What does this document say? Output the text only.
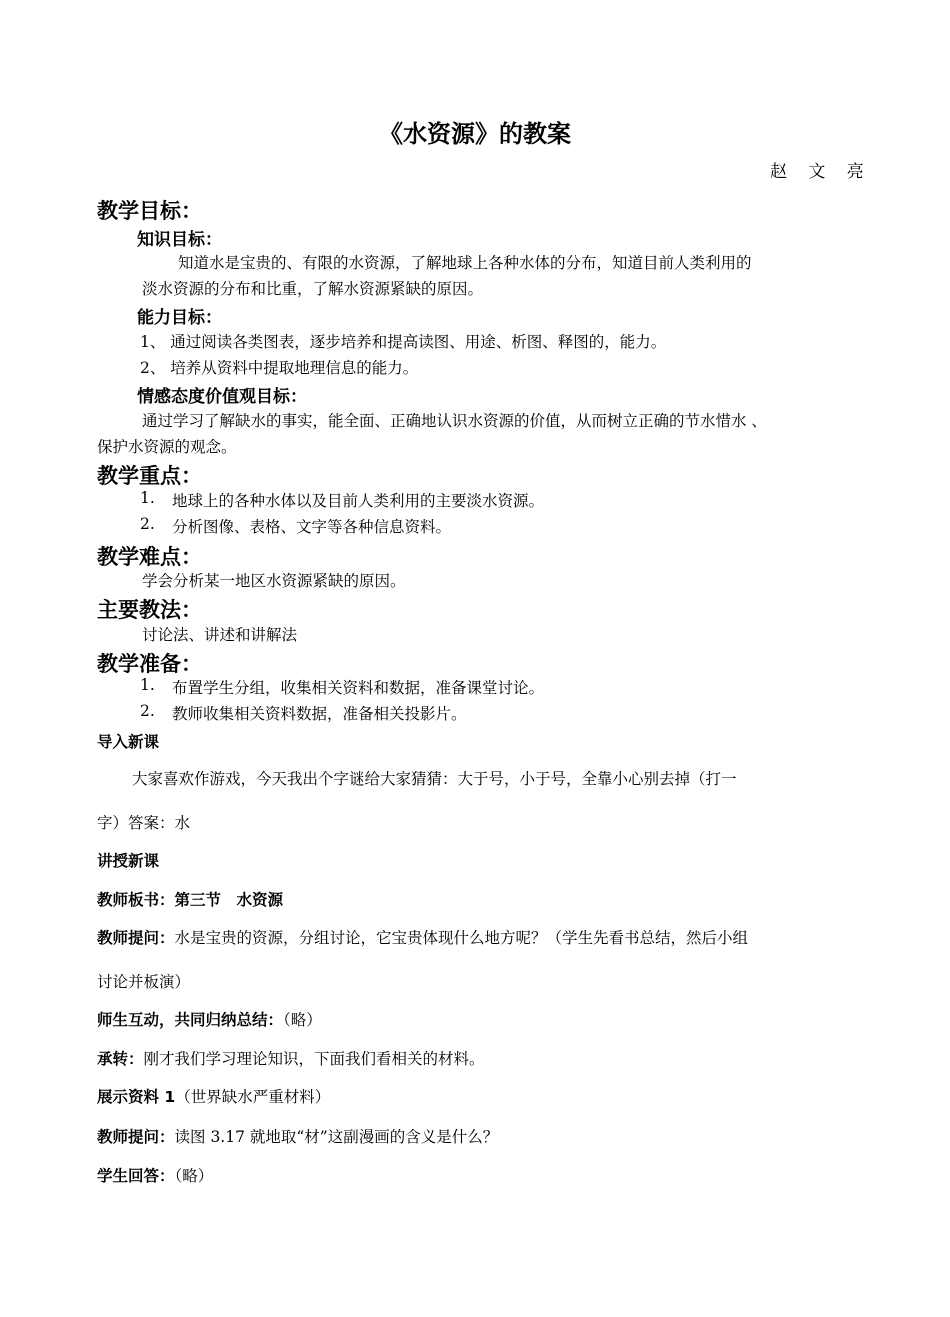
《水资源》的教案
赵 文 亮
教学目标：
知识目标：
知道水是宝贵的、有限的水资源，了解地球上各种水体的分布，知道目前人类利用的
淡水资源的分布和比重，了解水资源紧缺的原因。
能力目标：
1、 通过阅读各类图表，逐步培养和提高读图、用途、析图、释图的，能力。
2、 培养从资料中提取地理信息的能力。
情感态度价值观目标：
通过学习了解缺水的事实，能全面、正确地认识水资源的价值，从而树立正确的节水惜水 、
保护水资源的观念。
教学重点：
1. 地球上的各种水体以及目前人类利用的主要淡水资源。
2. 分析图像、表格、文字等各种信息资料。
教学难点：
学会分析某一地区水资源紧缺的原因。
主要教法：
讨论法、讲述和讲解法
教学准备：
1. 布置学生分组，收集相关资料和数据，准备课堂讨论。
2. 教师收集相关资料数据，准备相关投影片。
导入新课
大家喜欢作游戏，今天我出个字谜给大家猜猜：大于号，小于号，全靠小心别去掉（打一
字）答案：水
讲授新课
教师板书：第三节　水资源
教师提问：水是宝贵的资源，分组讨论，它宝贵体现什么地方呢？（学生先看书总结，然后小组
讨论并板演）
师生互动，共同归纳总结：（略）
承转：刚才我们学习理论知识，下面我们看相关的材料。
展示资料 1（世界缺水严重材料）
教师提问：读图 3.17 就地取“材”这副漫画的含义是什么？
学生回答：（略）
